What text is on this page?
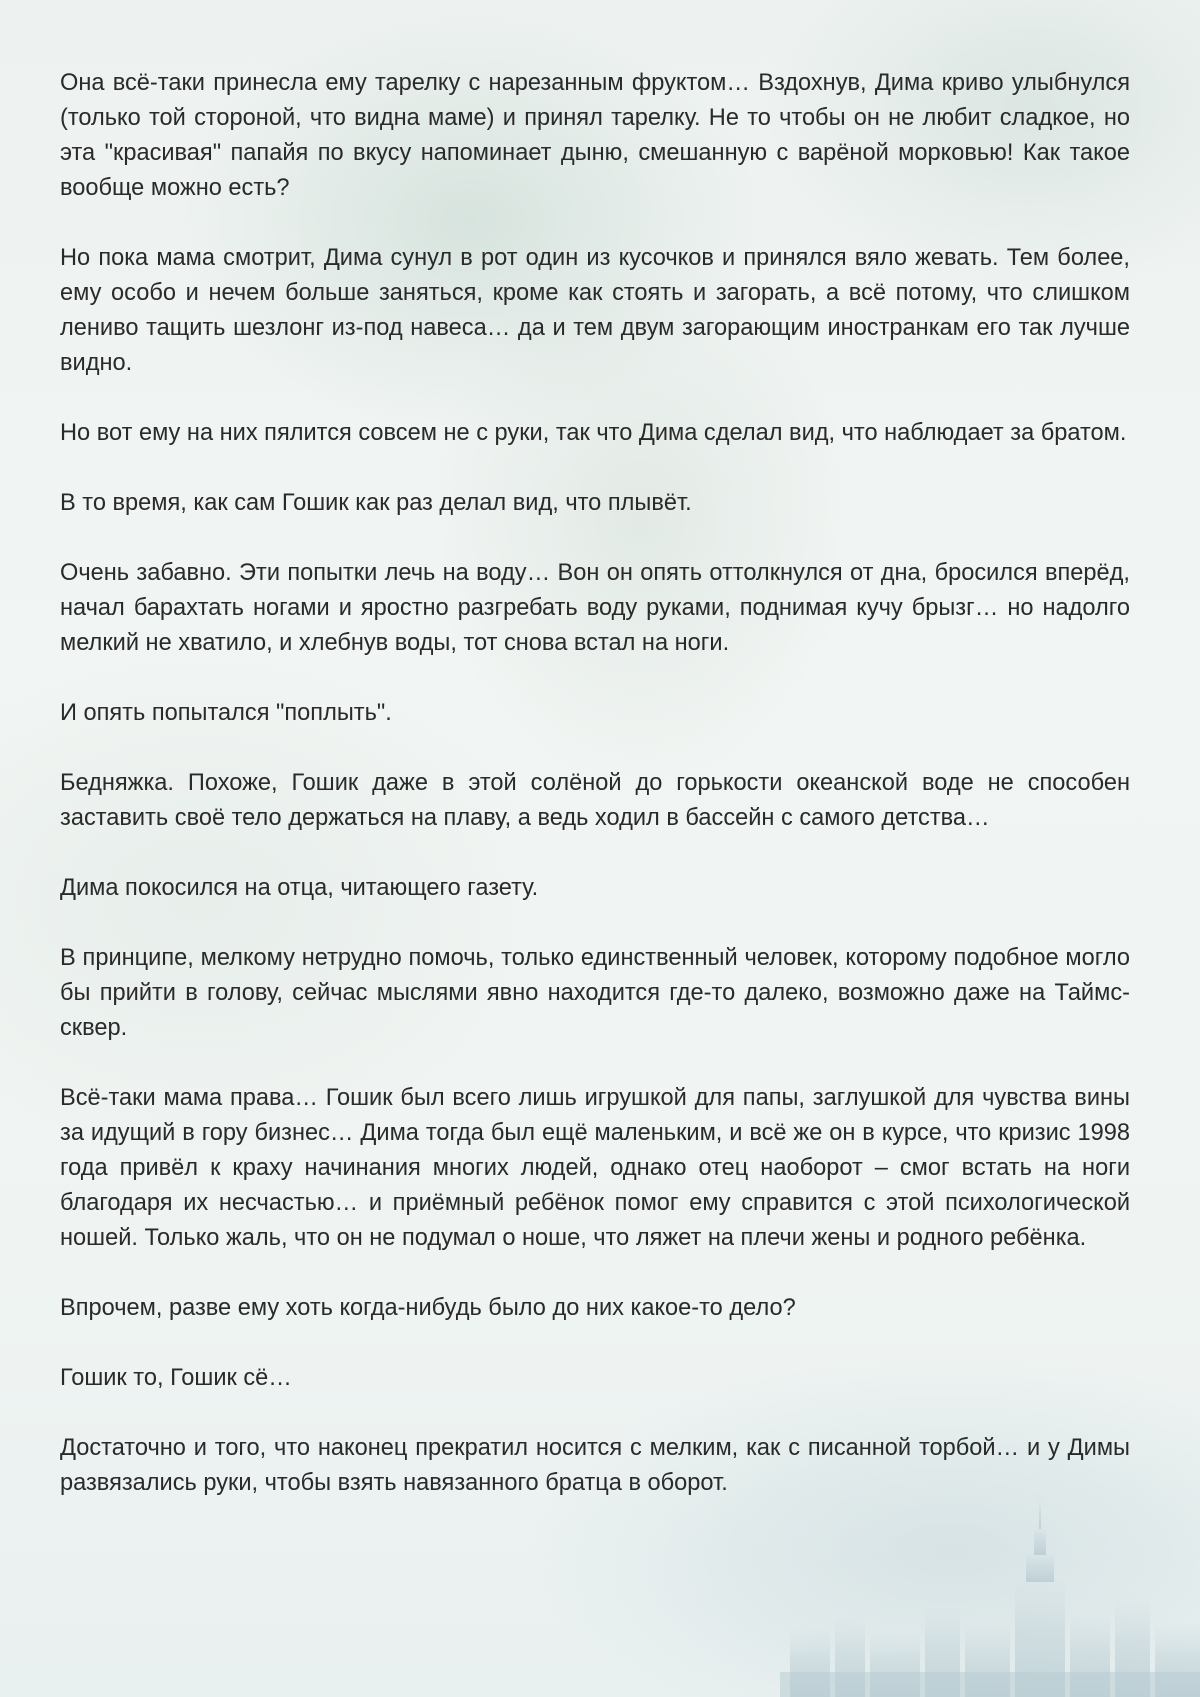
Она всё-таки принесла ему тарелку с нарезанным фруктом… Вздохнув, Дима криво улыбнулся (только той стороной, что видна маме) и принял тарелку. Не то чтобы он не любит сладкое, но эта "красивая" папайя по вкусу напоминает дыню, смешанную с варёной морковью! Как такое вообще можно есть?

Но пока мама смотрит, Дима сунул в рот один из кусочков и принялся вяло жевать. Тем более, ему особо и нечем больше заняться, кроме как стоять и загорать, а всё потому, что слишком лениво тащить шезлонг из-под навеса… да и тем двум загорающим иностранкам его так лучше видно.

Но вот ему на них пялится совсем не с руки, так что Дима сделал вид, что наблюдает за братом.

В то время, как сам Гошик как раз делал вид, что плывёт.

Очень забавно. Эти попытки лечь на воду… Вон он опять оттолкнулся от дна, бросился вперёд, начал барахтать ногами и яростно разгребать воду руками, поднимая кучу брызг… но надолго мелкий не хватило, и хлебнув воды, тот снова встал на ноги.

И опять попытался "поплыть".

Бедняжка. Похоже, Гошик даже в этой солёной до горькости океанской воде не способен заставить своё тело держаться на плаву, а ведь ходил в бассейн с самого детства…

Дима покосился на отца, читающего газету.

В принципе, мелкому нетрудно помочь, только единственный человек, которому подобное могло бы прийти в голову, сейчас мыслями явно находится где-то далеко, возможно даже на Таймс-сквер.

Всё-таки мама права… Гошик был всего лишь игрушкой для папы, заглушкой для чувства вины за идущий в гору бизнес… Дима тогда был ещё маленьким, и всё же он в курсе, что кризис 1998 года привёл к краху начинания многих людей, однако отец наоборот – смог встать на ноги благодаря их несчастью… и приёмный ребёнок помог ему справится с этой психологической ношей. Только жаль, что он не подумал о ноше, что ляжет на плечи жены и родного ребёнка.

Впрочем, разве ему хоть когда-нибудь было до них какое-то дело?

Гошик то, Гошик сё…

Достаточно и того, что наконец прекратил носится с мелким, как с писанной торбой… и у Димы развязались руки, чтобы взять навязанного братца в оборот.
